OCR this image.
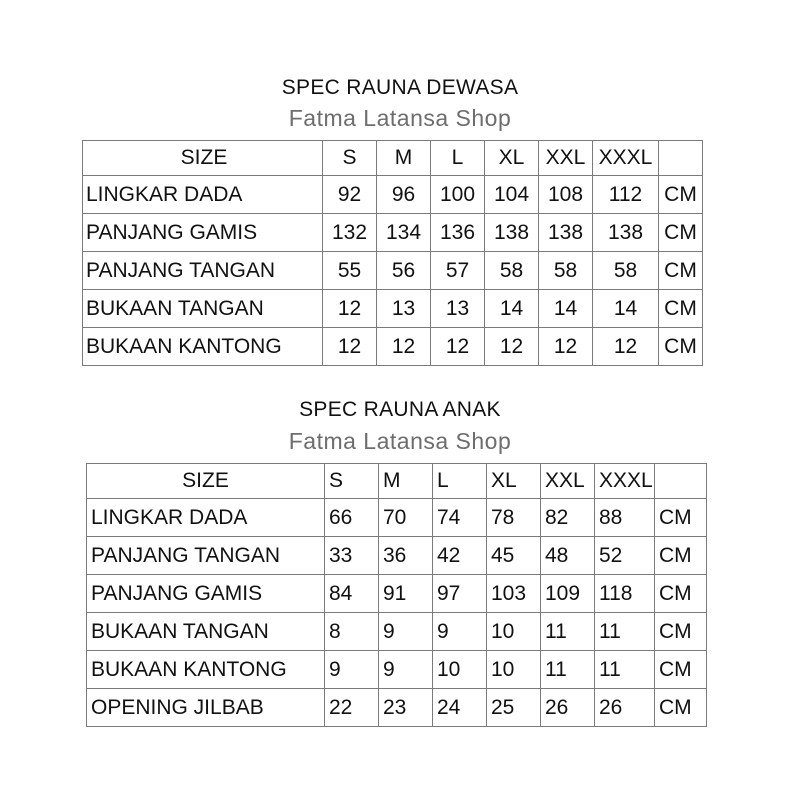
SPEC RAUNA DEWASA
Fatma Latansa Shop
SIZE	S	M	L	XL	XXL	XXXL	
LINGKAR DADA	92	96	100	104	108	112	CM
PANJANG GAMIS	132	134	136	138	138	138	CM
PANJANG TANGAN	55	56	57	58	58	58	CM
BUKAAN TANGAN	12	13	13	14	14	14	CM
BUKAAN KANTONG	12	12	12	12	12	12	CM
SPEC RAUNA ANAK
Fatma Latansa Shop
SIZE	S	M	L	XL	XXL	XXXL	
LINGKAR DADA	66	70	74	78	82	88	CM
PANJANG TANGAN	33	36	42	45	48	52	CM
PANJANG GAMIS	84	91	97	103	109	118	CM
BUKAAN TANGAN	8	9	9	10	11	11	CM
BUKAAN KANTONG	9	9	10	10	11	11	CM
OPENING JILBAB	22	23	24	25	26	26	CM
